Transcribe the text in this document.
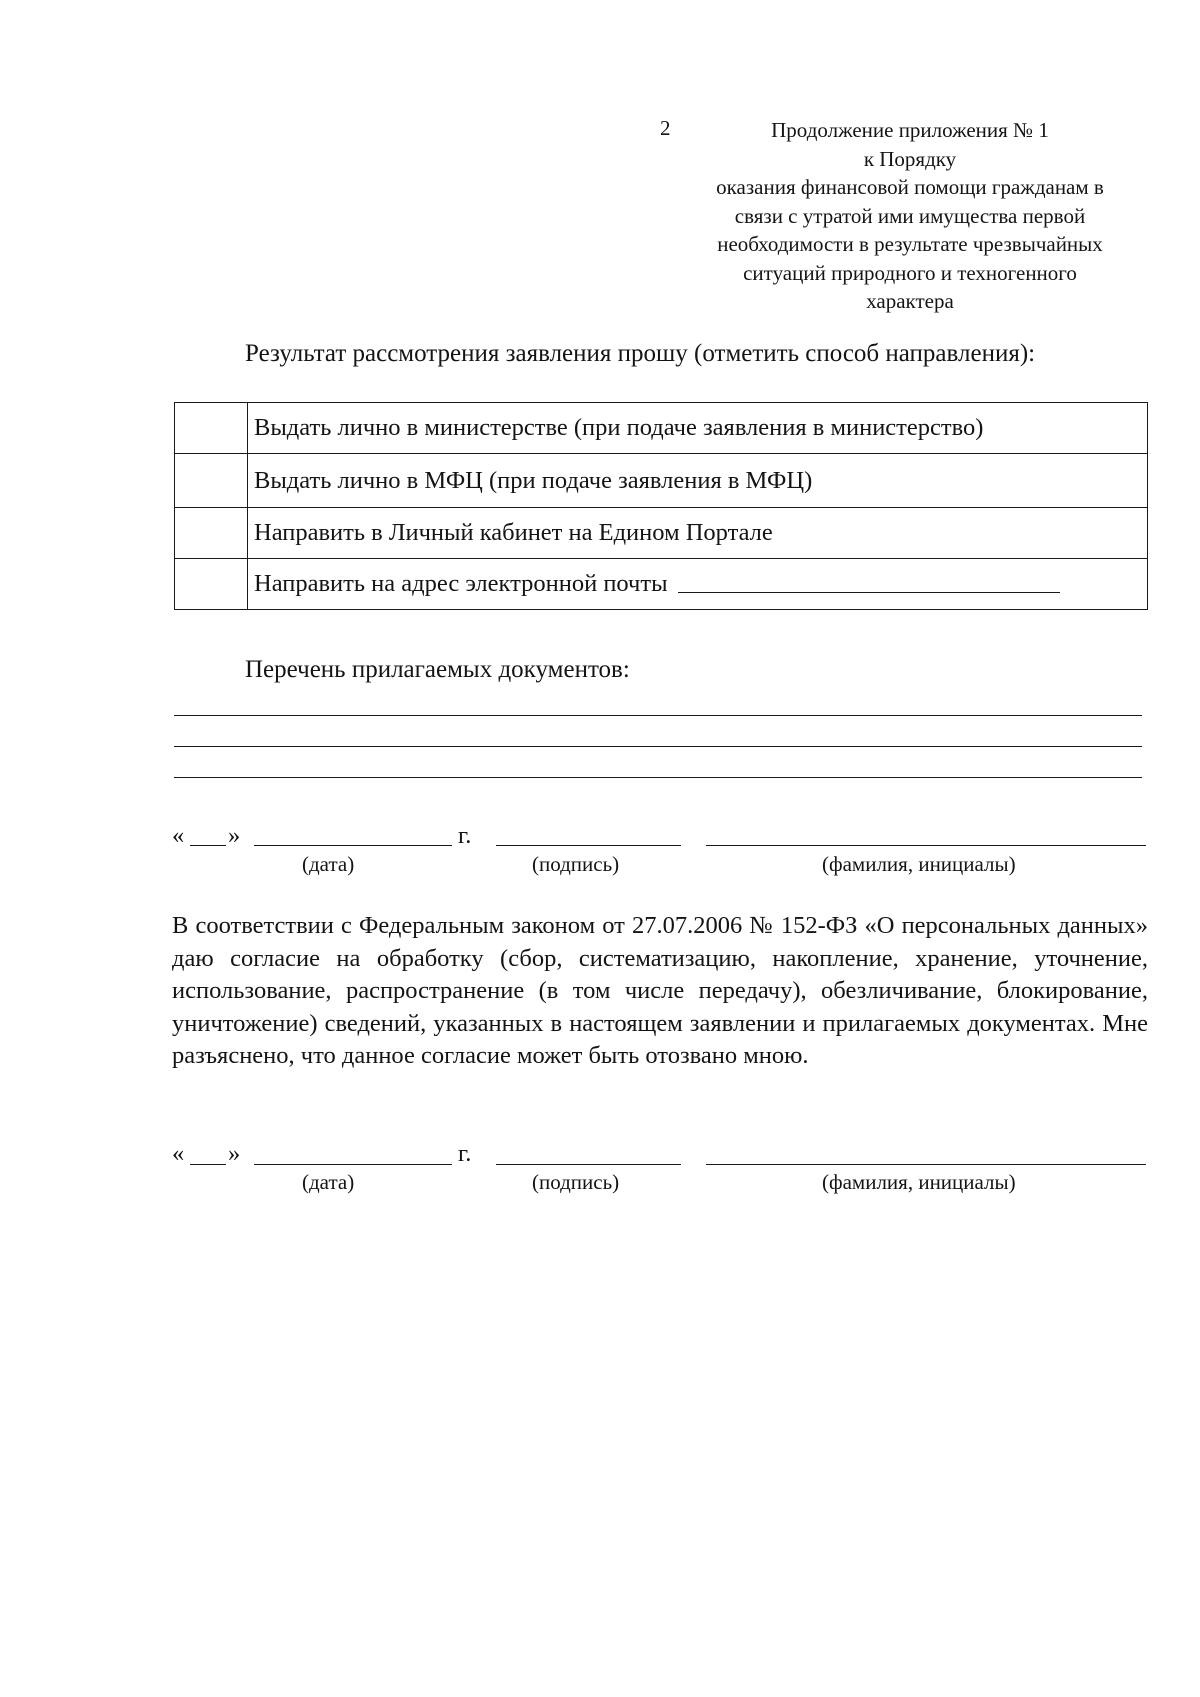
2	Продолжение приложения № 1
к Порядку
оказания финансовой помощи гражданам в
связи с утратой ими имущества первой
необходимости в результате чрезвычайных
ситуаций природного и техногенного
характера
Результат рассмотрения заявления прошу (отметить способ направления):
	Выдать лично в министерстве (при подаче заявления в министерство)
	Выдать лично в МФЦ (при подаче заявления в МФЦ)
	Направить в Личный кабинет на Едином Портале
	Направить на адрес электронной почты
Перечень прилагаемых документов:
« »	г.
(дата)	(подпись)	(фамилия, инициалы)
В соответствии с Федеральным законом от 27.07.2006 № 152-ФЗ «О персональных данных» даю согласие на обработку (сбор, систематизацию, накопление, хранение, уточнение, использование, распространение (в том числе передачу), обезличивание, блокирование, уничтожение) сведений, указанных в настоящем заявлении и прилагаемых документах. Мне разъяснено, что данное согласие может быть отозвано мною.
« »	г.
(дата)	(подпись)	(фамилия, инициалы)
